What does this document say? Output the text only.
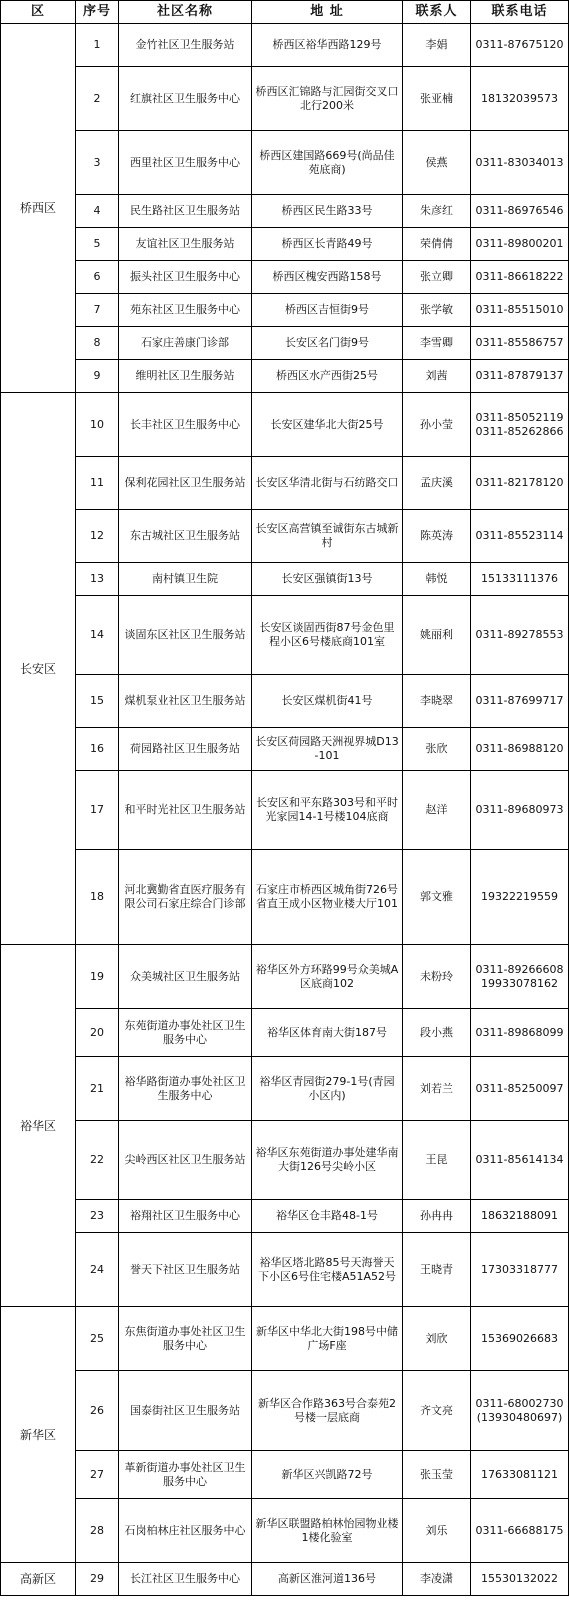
区	序号	社区名称	地 址	联系人	联系电话
桥西区	1	金竹社区卫生服务站	桥西区裕华西路129号	李娟	0311-87675120
	2	红旗社区卫生服务中心	桥西区汇锦路与汇园街交叉口北行200米	张亚楠	18132039573
	3	西里社区卫生服务中心	桥西区建国路669号(尚品佳苑底商)	侯燕	0311-83034013
	4	民生路社区卫生服务站	桥西区民生路33号	朱彦红	0311-86976546
	5	友谊社区卫生服务站	桥西区长青路49号	荣倩倩	0311-89800201
	6	振头社区卫生服务中心	桥西区槐安西路158号	张立卿	0311-86618222
	7	苑东社区卫生服务中心	桥西区吉恒街9号	张学敏	0311-85515010
	8	石家庄善康门诊部	长安区名门街9号	李雪卿	0311-85586757
	9	维明社区卫生服务站	桥西区水产西街25号	刘茜	0311-87879137
长安区	10	长丰社区卫生服务中心	长安区建华北大街25号	孙小莹	0311-85052119 0311-85262866
	11	保利花园社区卫生服务站	长安区华清北街与石纺路交口	孟庆溪	0311-82178120
	12	东古城社区卫生服务站	长安区高营镇至诚街东古城新村	陈英涛	0311-85523114
	13	南村镇卫生院	长安区强镇街13号	韩悦	15133111376
	14	谈固东区社区卫生服务站	长安区谈固西街87号金色里程小区6号楼底商101室	姚丽利	0311-89278553
	15	煤机泵业社区卫生服务站	长安区煤机街41号	李晓翠	0311-87699717
	16	荷园路社区卫生服务站	长安区荷园路天洲视界城D13-101	张欣	0311-86988120
	17	和平时光社区卫生服务站	长安区和平东路303号和平时光家园14-1号楼104底商	赵洋	0311-89680973
	18	河北冀勤省直医疗服务有限公司石家庄综合门诊部	石家庄市桥西区城角街726号省直王成小区物业楼大厅101	郭文雅	19322219559
裕华区	19	众美城社区卫生服务站	裕华区外方环路99号众美城A区底商102	未粉玲	0311-89266608 19933078162
	20	东苑街道办事处社区卫生服务中心	裕华区体育南大街187号	段小燕	0311-89868099
	21	裕华路街道办事处社区卫生服务中心	裕华区青园街279-1号(青园小区内)	刘若兰	0311-85250097
	22	尖岭西区社区卫生服务站	裕华区东苑街道办事处建华南大街126号尖岭小区	王昆	0311-85614134
	23	裕翔社区卫生服务中心	裕华区仓丰路48-1号	孙冉冉	18632188091
	24	誉天下社区卫生服务站	裕华区塔北路85号天海誉天下小区6号住宅楼A51A52号	王晓青	17303318777
新华区	25	东焦街道办事处社区卫生服务中心	新华区中华北大街198号中储广场F座	刘欣	15369026683
	26	国泰街社区卫生服务站	新华区合作路363号合泰苑2号楼一层底商	齐文亮	0311-68002730 (13930480697)
	27	革新街道办事处社区卫生服务中心	新华区兴凯路72号	张玉莹	17633081121
	28	石岗柏林庄社区服务中心	新华区联盟路柏林怡园物业楼1楼化验室	刘乐	0311-66688175
高新区	29	长江社区卫生服务中心	高新区淮河道136号	李凌潇	15530132022
